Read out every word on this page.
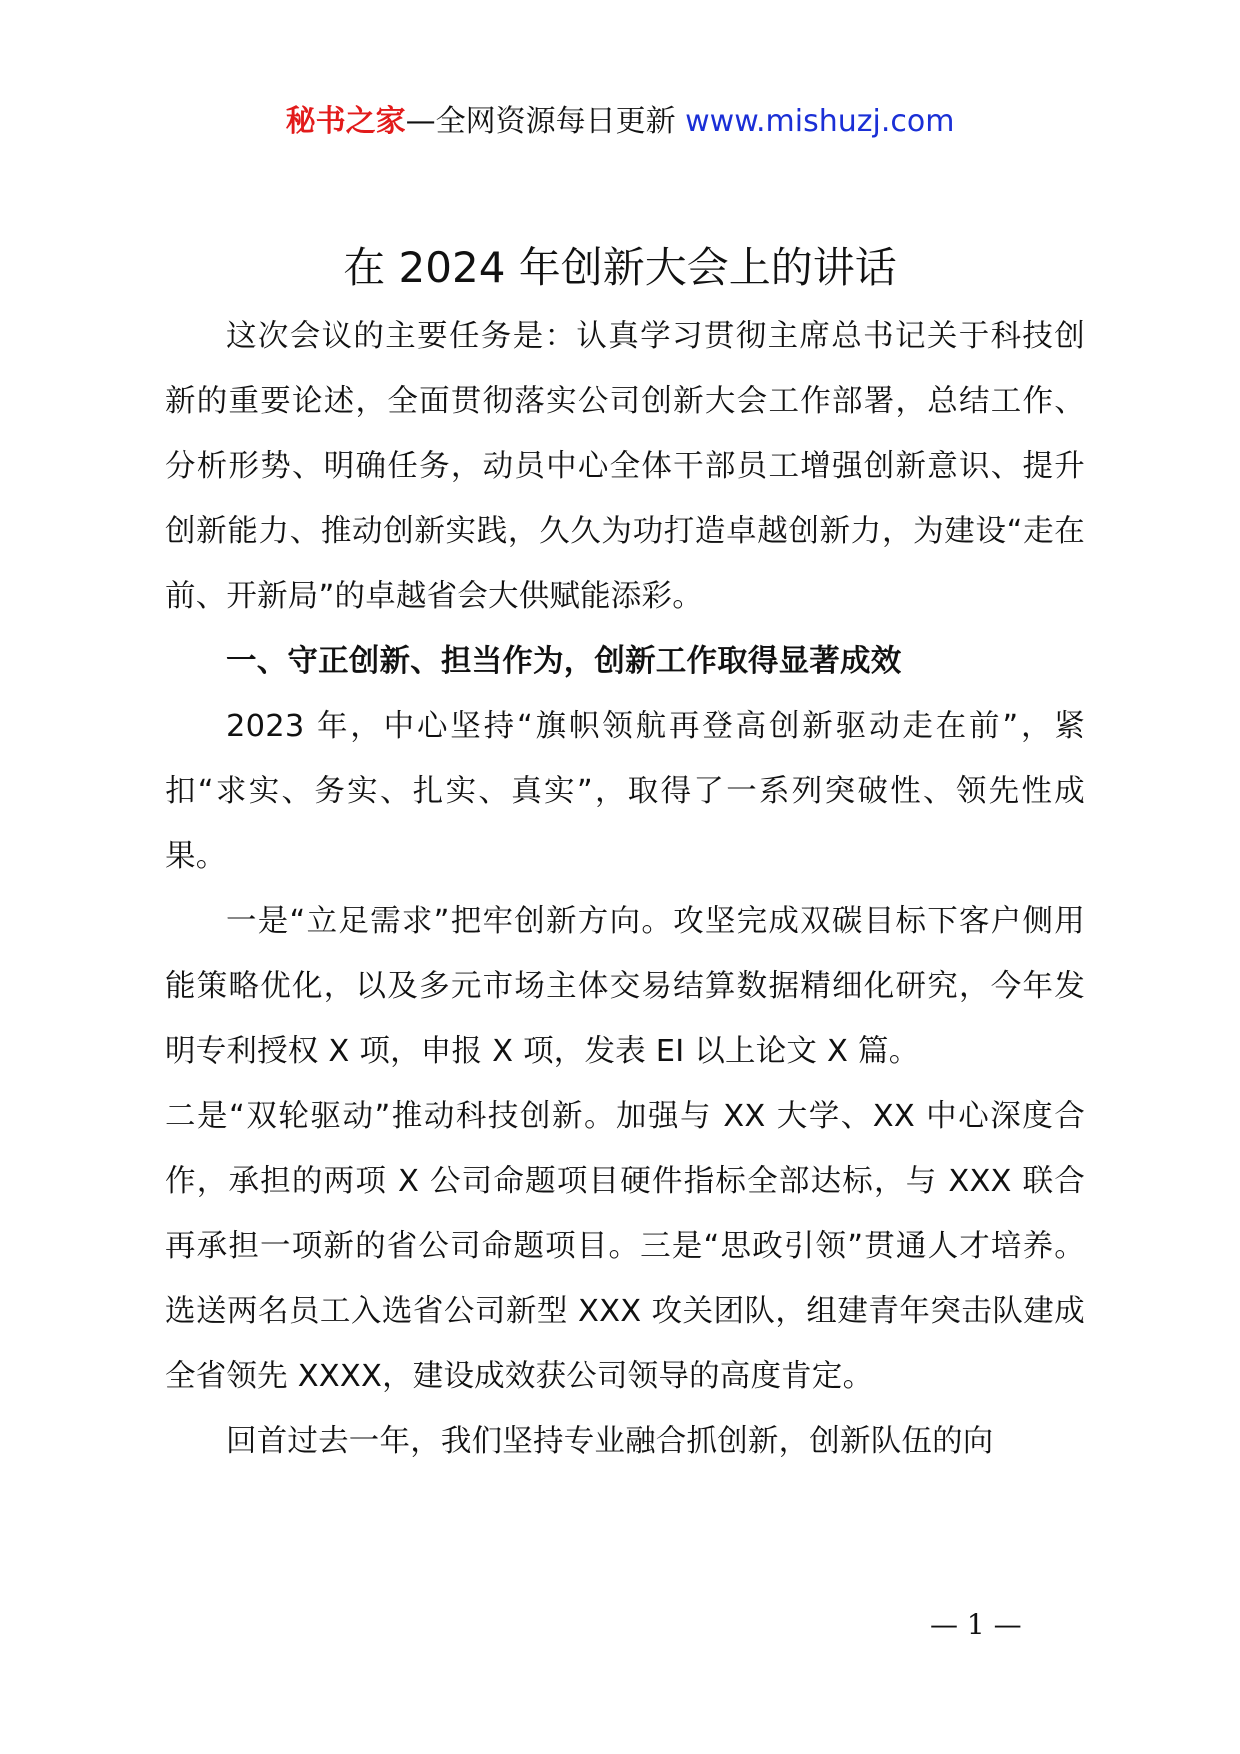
秘书之家—全网资源每日更新 www.mishuzj.com
在 2024 年创新大会上的讲话

这次会议的主要任务是：认真学习贯彻主席总书记关于科技创新的重要论述，全面贯彻落实公司创新大会工作部署，总结工作、分析形势、明确任务，动员中心全体干部员工增强创新意识、提升创新能力、推动创新实践，久久为功打造卓越创新力，为建设“走在前、开新局”的卓越省会大供赋能添彩。

一、守正创新、担当作为，创新工作取得显著成效

2023 年，中心坚持“旗帜领航再登高创新驱动走在前”，紧扣“求实、务实、扎实、真实”，取得了一系列突破性、领先性成果。

一是“立足需求”把牢创新方向。攻坚完成双碳目标下客户侧用能策略优化，以及多元市场主体交易结算数据精细化研究，今年发明专利授权 X 项，申报 X 项，发表 EI 以上论文 X 篇。

二是“双轮驱动”推动科技创新。加强与 XX 大学、XX 中心深度合作，承担的两项 X 公司命题项目硬件指标全部达标，与 XXX 联合再承担一项新的省公司命题项目。三是“思政引领”贯通人才培养。选送两名员工入选省公司新型 XXX 攻关团队，组建青年突击队建成全省领先 XXXX，建设成效获公司领导的高度肯定。

回首过去一年，我们坚持专业融合抓创新，创新队伍的向

— 1 —
